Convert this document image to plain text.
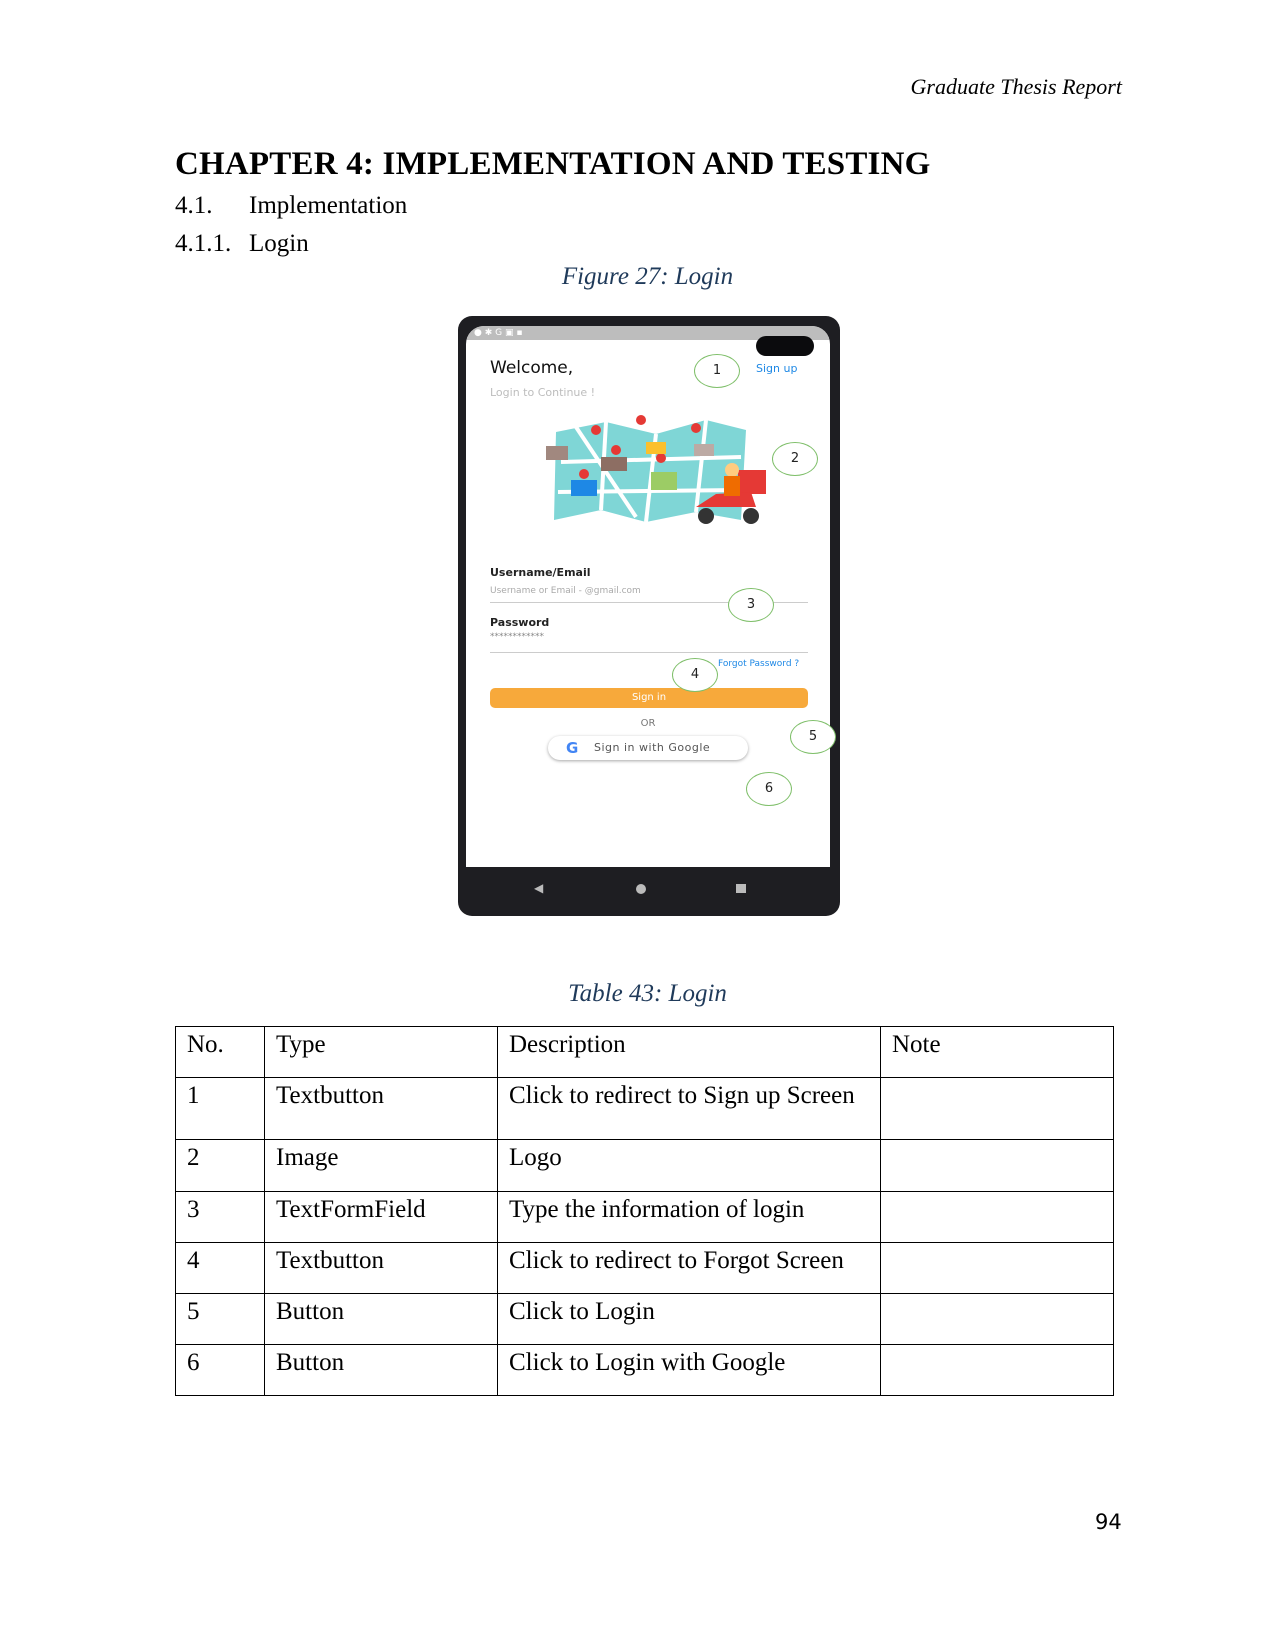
Graduate Thesis Report
CHAPTER 4: IMPLEMENTATION AND TESTING
4.1. Implementation
4.1.1. Login
Figure 27: Login
● ✱ G ▣ ▪
Welcome,
Login to Continue !
Sign up
Username/Email
Username or Email - @gmail.com
Password
************
Forgot Password ?
Sign in
OR
G Sign in with Google
◀
1
2
3
4
5
6
Table 43: Login
No.	Type	Description	Note
1	Textbutton	Click to redirect to Sign up Screen	
2	Image	Logo	
3	TextFormField	Type the information of login	
4	Textbutton	Click to redirect to Forgot Screen	
5	Button	Click to Login	
6	Button	Click to Login with Google	
94
